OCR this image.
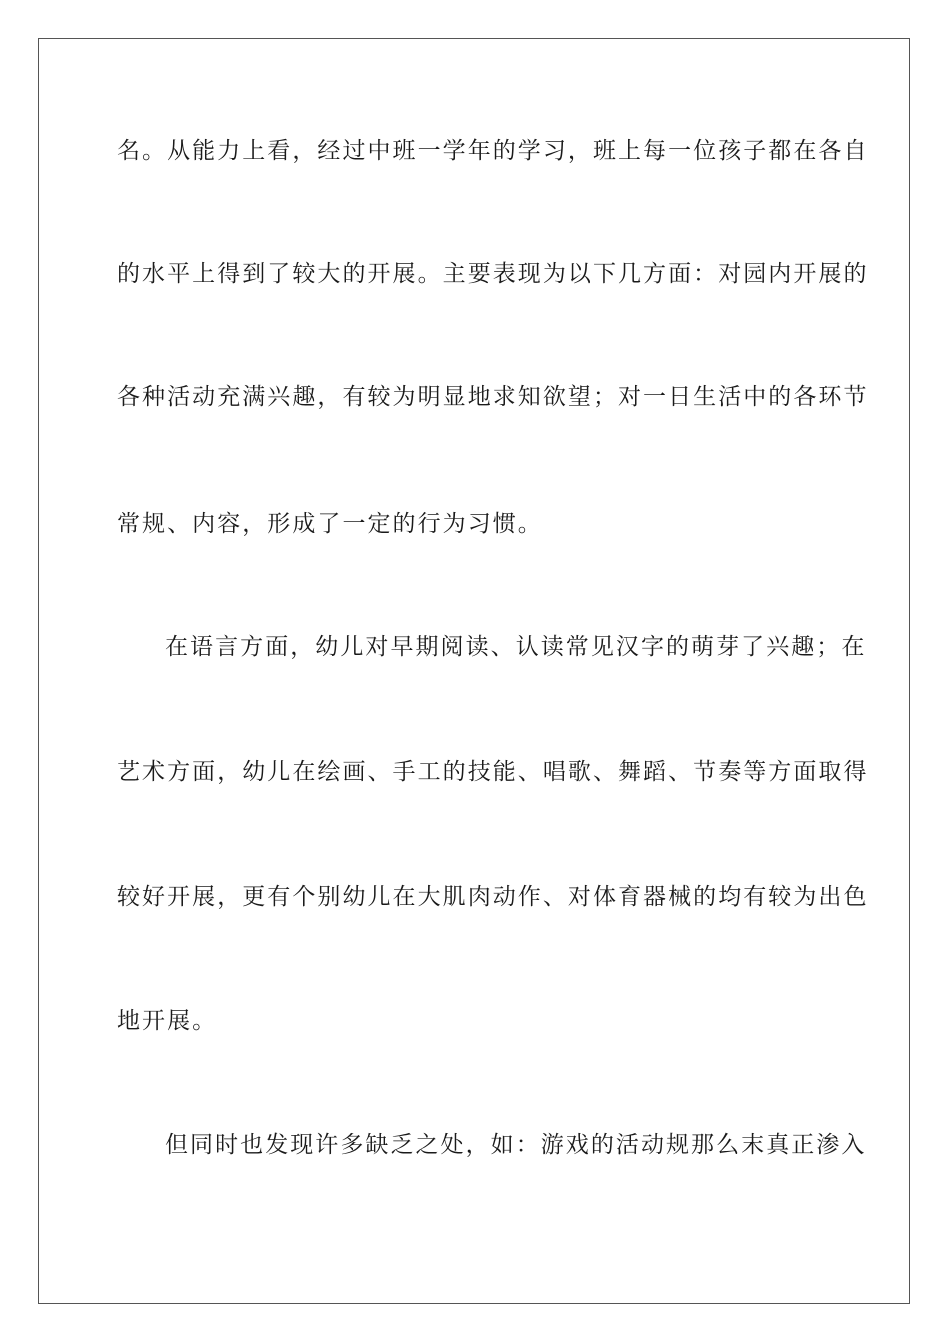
名。从能力上看，经过中班一学年的学习，班上每一位孩子都在各自
的水平上得到了较大的开展。主要表现为以下几方面：对园内开展的
各种活动充满兴趣，有较为明显地求知欲望；对一日生活中的各环节
常规、内容，形成了一定的行为习惯。
在语言方面，幼儿对早期阅读、认读常见汉字的萌芽了兴趣；在
艺术方面，幼儿在绘画、手工的技能、唱歌、舞蹈、节奏等方面取得
较好开展，更有个别幼儿在大肌肉动作、对体育器械的均有较为出色
地开展。
但同时也发现许多缺乏之处，如：游戏的活动规那么末真正渗入
